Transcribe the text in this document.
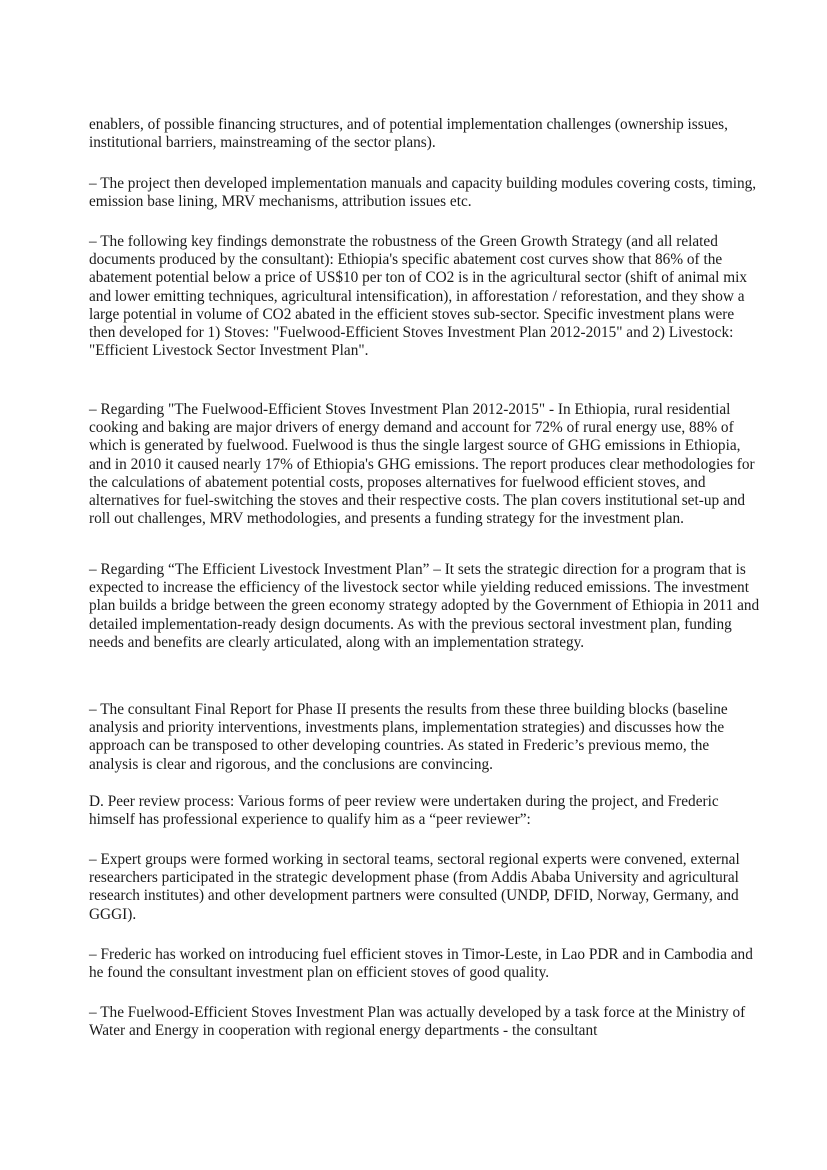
enablers, of possible financing structures, and of potential implementation challenges (ownership issues, institutional barriers, mainstreaming of the sector plans).

– The project then developed implementation manuals and capacity building modules covering costs, timing, emission base lining, MRV mechanisms, attribution issues etc.

– The following key findings demonstrate the robustness of the Green Growth Strategy (and all related documents produced by the consultant): Ethiopia's specific abatement cost curves show that 86% of the abatement potential below a price of US$10 per ton of CO2 is in the agricultural sector (shift of animal mix and lower emitting techniques, agricultural intensification), in afforestation / reforestation, and they show a large potential in volume of CO2 abated in the efficient stoves sub-sector. Specific investment plans were then developed for 1) Stoves: "Fuelwood-Efficient Stoves Investment Plan 2012-2015" and 2) Livestock: "Efficient Livestock Sector Investment Plan".

– Regarding "The Fuelwood-Efficient Stoves Investment Plan 2012-2015" - In Ethiopia, rural residential cooking and baking are major drivers of energy demand and account for 72% of rural energy use, 88% of which is generated by fuelwood. Fuelwood is thus the single largest source of GHG emissions in Ethiopia, and in 2010 it caused nearly 17% of Ethiopia's GHG emissions. The report produces clear methodologies for the calculations of abatement potential costs, proposes alternatives for fuelwood efficient stoves, and alternatives for fuel-switching the stoves and their respective costs. The plan covers institutional set-up and roll out challenges, MRV methodologies, and presents a funding strategy for the investment plan.

– Regarding “The Efficient Livestock Investment Plan” – It sets the strategic direction for a program that is expected to increase the efficiency of the livestock sector while yielding reduced emissions. The investment plan builds a bridge between the green economy strategy adopted by the Government of Ethiopia in 2011 and detailed implementation-ready design documents. As with the previous sectoral investment plan, funding needs and benefits are clearly articulated, along with an implementation strategy.

– The consultant Final Report for Phase II presents the results from these three building blocks (baseline analysis and priority interventions, investments plans, implementation strategies) and discusses how the approach can be transposed to other developing countries. As stated in Frederic’s previous memo, the analysis is clear and rigorous, and the conclusions are convincing.

D. Peer review process: Various forms of peer review were undertaken during the project, and Frederic himself has professional experience to qualify him as a “peer reviewer”:

– Expert groups were formed working in sectoral teams, sectoral regional experts were convened, external researchers participated in the strategic development phase (from Addis Ababa University and agricultural research institutes) and other development partners were consulted (UNDP, DFID, Norway, Germany, and GGGI).

– Frederic has worked on introducing fuel efficient stoves in Timor-Leste, in Lao PDR and in Cambodia and he found the consultant investment plan on efficient stoves of good quality.

– The Fuelwood-Efficient Stoves Investment Plan was actually developed by a task force at the Ministry of Water and Energy in cooperation with regional energy departments - the consultant
